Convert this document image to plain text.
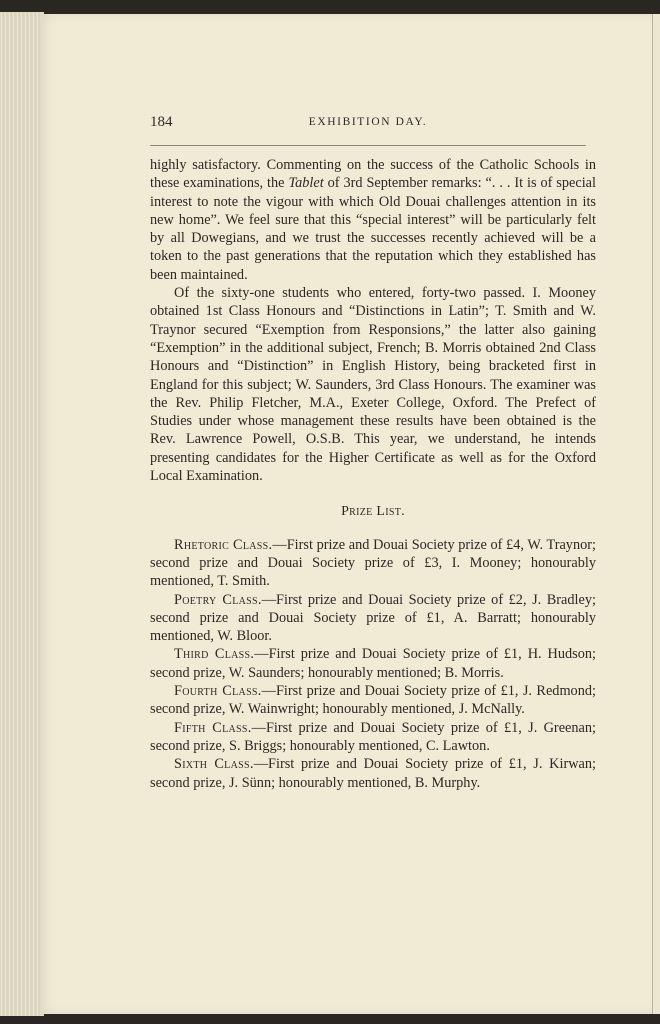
184	EXHIBITION DAY.

highly satisfactory. Commenting on the success of the Catholic Schools in these examinations, the Tablet of 3rd September remarks: “. . . It is of special interest to note the vigour with which Old Douai challenges attention in its new home”. We feel sure that this “special interest” will be particularly felt by all Dowegians, and we trust the successes recently achieved will be a token to the past generations that the reputation which they established has been maintained.

Of the sixty-one students who entered, forty-two passed. I. Mooney obtained 1st Class Honours and “Distinctions in Latin”; T. Smith and W. Traynor secured “Exemption from Responsions,” the latter also gaining “Exemption” in the additional subject, French; B. Morris obtained 2nd Class Honours and “Distinction” in English History, being bracketed first in England for this subject; W. Saunders, 3rd Class Honours. The examiner was the Rev. Philip Fletcher, M.A., Exeter College, Oxford. The Prefect of Studies under whose management these results have been obtained is the Rev. Lawrence Powell, O.S.B. This year, we understand, he intends presenting candidates for the Higher Certificate as well as for the Oxford Local Examination.

Prize List.

Rhetoric Class.—First prize and Douai Society prize of £4, W. Traynor; second prize and Douai Society prize of £3, I. Mooney; honourably mentioned, T. Smith.

Poetry Class.—First prize and Douai Society prize of £2, J. Bradley; second prize and Douai Society prize of £1, A. Barratt; honourably mentioned, W. Bloor.

Third Class.—First prize and Douai Society prize of £1, H. Hudson; second prize, W. Saunders; honourably mentioned; B. Morris.

Fourth Class.—First prize and Douai Society prize of £1, J. Redmond; second prize, W. Wainwright; honourably mentioned, J. McNally.

Fifth Class.—First prize and Douai Society prize of £1, J. Greenan; second prize, S. Briggs; honourably mentioned, C. Lawton.

Sixth Class.—First prize and Douai Society prize of £1, J. Kirwan; second prize, J. Sünn; honourably mentioned, B. Murphy.
